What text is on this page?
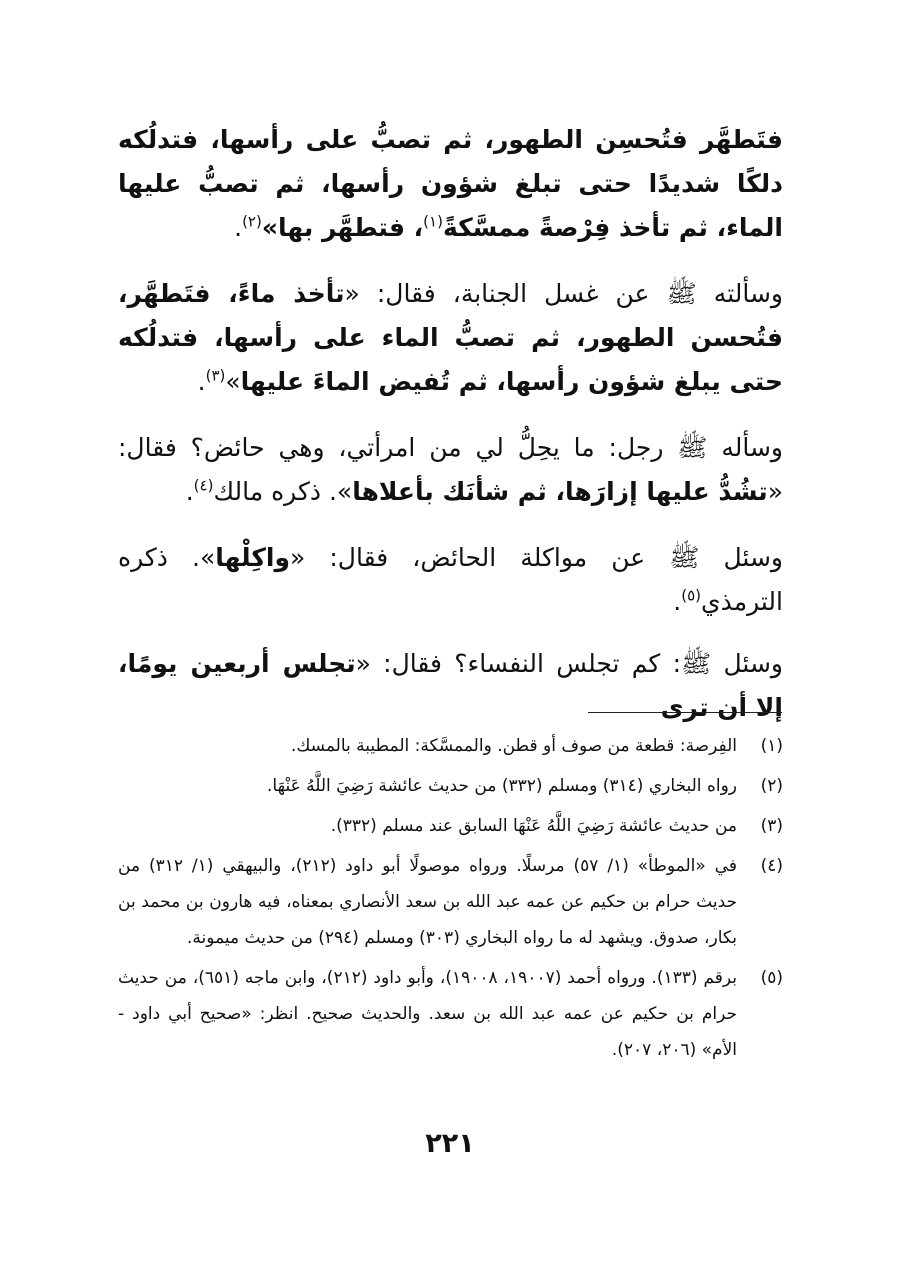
فتَطهَّر فتُحسِن الطهور، ثم تصبُّ على رأسها، فتدلُكه دلكًا شديدًا حتى تبلغ شؤون رأسها، ثم تصبُّ عليها الماء، ثم تأخذ فِرْصةً ممسَّكةً$^{(١)}$، فتطهَّر بها»$^{(٢)}$.

وسألته ﷺ عن غسل الجنابة، فقال: «تأخذ ماءً، فتَطهَّر، فتُحسن الطهور، ثم تصبُّ الماء على رأسها، فتدلُكه حتى يبلغ شؤون رأسها، ثم تُفيض الماءَ عليها»$^{(٣)}$.

وسأله ﷺ رجل: ما يحِلُّ لي من امرأتي، وهي حائض؟ فقال: «تشُدُّ عليها إزارَها، ثم شأنَك بأعلاها». ذكره مالك$^{(٤)}$.

وسئل ﷺ عن مواكلة الحائض، فقال: «واكِلْها». ذكره الترمذي$^{(٥)}$.

وسئل ﷺ: كم تجلس النفساء؟ فقال: «تجلس أربعين يومًا، إلا أن ترى

(١)
الفِرصة: قطعة من صوف أو قطن. والممسَّكة: المطيبة بالمسك.
(٢)
رواه البخاري (٣١٤) ومسلم (٣٣٢) من حديث عائشة رَضِيَ اللَّهُ عَنْهَا.
(٣)
من حديث عائشة رَضِيَ اللَّهُ عَنْهَا السابق عند مسلم (٣٣٢).
(٤)
في «الموطأ» (١/ ٥٧) مرسلًا. ورواه موصولًا أبو داود (٢١٢)، والبيهقي (١/ ٣١٢) من حديث حرام بن حكيم عن عمه عبد الله بن سعد الأنصاري بمعناه، فيه هارون بن محمد بن بكار، صدوق. ويشهد له ما رواه البخاري (٣٠٣) ومسلم (٢٩٤) من حديث ميمونة.
(٥)
برقم (١٣٣). ورواه أحمد (١٩٠٠٧، ١٩٠٠٨)، وأبو داود (٢١٢)، وابن ماجه (٦٥١)، من حديث حرام بن حكيم عن عمه عبد الله بن سعد. والحديث صحيح. انظر: «صحيح أبي داود - الأم» (٢٠٦، ٢٠٧).
٢٢١
